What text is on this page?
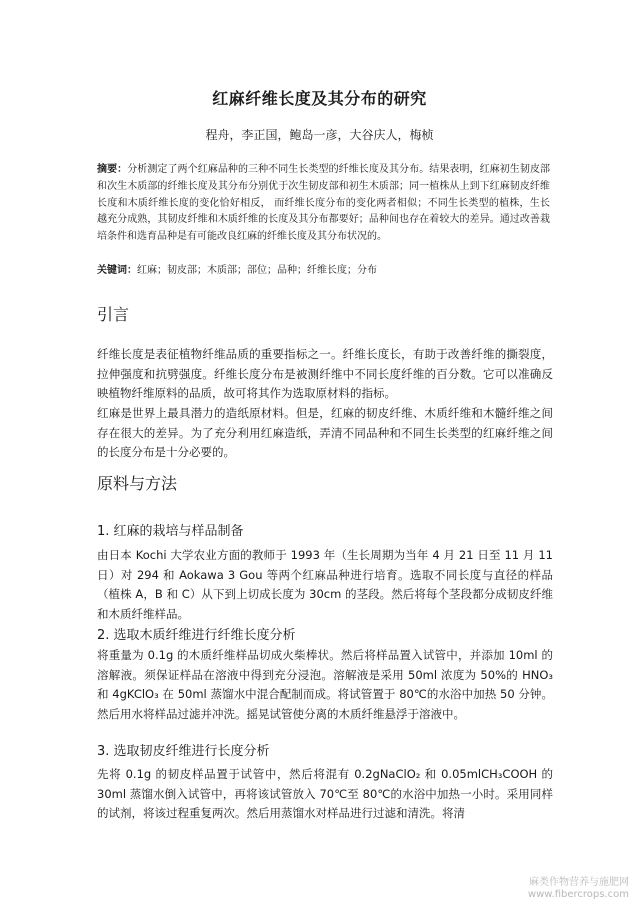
红麻纤维长度及其分布的研究
程舟，李正国，鲍岛一彦，大谷庆人，梅桢
摘要：分析测定了两个红麻品种的三种不同生长类型的纤维长度及其分布。结果表明，红麻初生韧皮部和次生木质部的纤维长度及其分布分别优于次生韧皮部和初生木质部；同一植株从上到下红麻韧皮纤维长度和木质纤维长度的变化恰好相反， 而纤维长度分布的变化两者相似；不同生长类型的植株，生长越充分成熟，其韧皮纤维和木质纤维的长度及其分布都要好；品种间也存在着较大的差异。通过改善栽培条件和选育品种是有可能改良红麻的纤维长度及其分布状况的。
关键词：红麻；韧皮部；木质部；部位；品种；纤维长度；分布
引言
纤维长度是表征植物纤维品质的重要指标之一。纤维长度长，有助于改善纤维的撕裂度，拉伸强度和抗劈强度。纤维长度分布是被测纤维中不同长度纤维的百分数。它可以准确反映植物纤维原料的品质，故可将其作为选取原材料的指标。
红麻是世界上最具潜力的造纸原材料。但是，红麻的韧皮纤维、木质纤维和木髓纤维之间存在很大的差异。为了充分利用红麻造纸，弄清不同品种和不同生长类型的红麻纤维之间的长度分布是十分必要的。
原料与方法
1. 红麻的栽培与样品制备
由日本 Kochi 大学农业方面的教师于 1993 年（生长周期为当年 4 月 21 日至 11 月 11 日）对 294 和 Aokawa 3 Gou 等两个红麻品种进行培育。选取不同长度与直径的样品（植株 A，B 和 C）从下到上切成长度为 30cm 的茎段。然后将每个茎段都分成韧皮纤维和木质纤维样品。
2. 选取木质纤维进行纤维长度分析
将重量为 0.1g 的木质纤维样品切成火柴棒状。然后将样品置入试管中，并添加 10ml 的溶解液。须保证样品在溶液中得到充分浸泡。溶解液是采用 50ml 浓度为 50%的 HNO₃ 和 4gKClO₃ 在 50ml 蒸馏水中混合配制而成。将试管置于 80℃的水浴中加热 50 分钟。然后用水将样品过滤并冲洗。摇晃试管使分离的木质纤维悬浮于溶液中。
3. 选取韧皮纤维进行长度分析
先将 0.1g 的韧皮样品置于试管中，然后将混有 0.2gNaClO₂ 和 0.05mlCH₃COOH 的 30ml 蒸馏水倒入试管中，再将该试管放入 70℃至 80℃的水浴中加热一小时。采用同样的试剂，将该过程重复两次。然后用蒸馏水对样品进行过滤和清洗。将清
麻类作物营养与施肥网
www.fibercrops.com
